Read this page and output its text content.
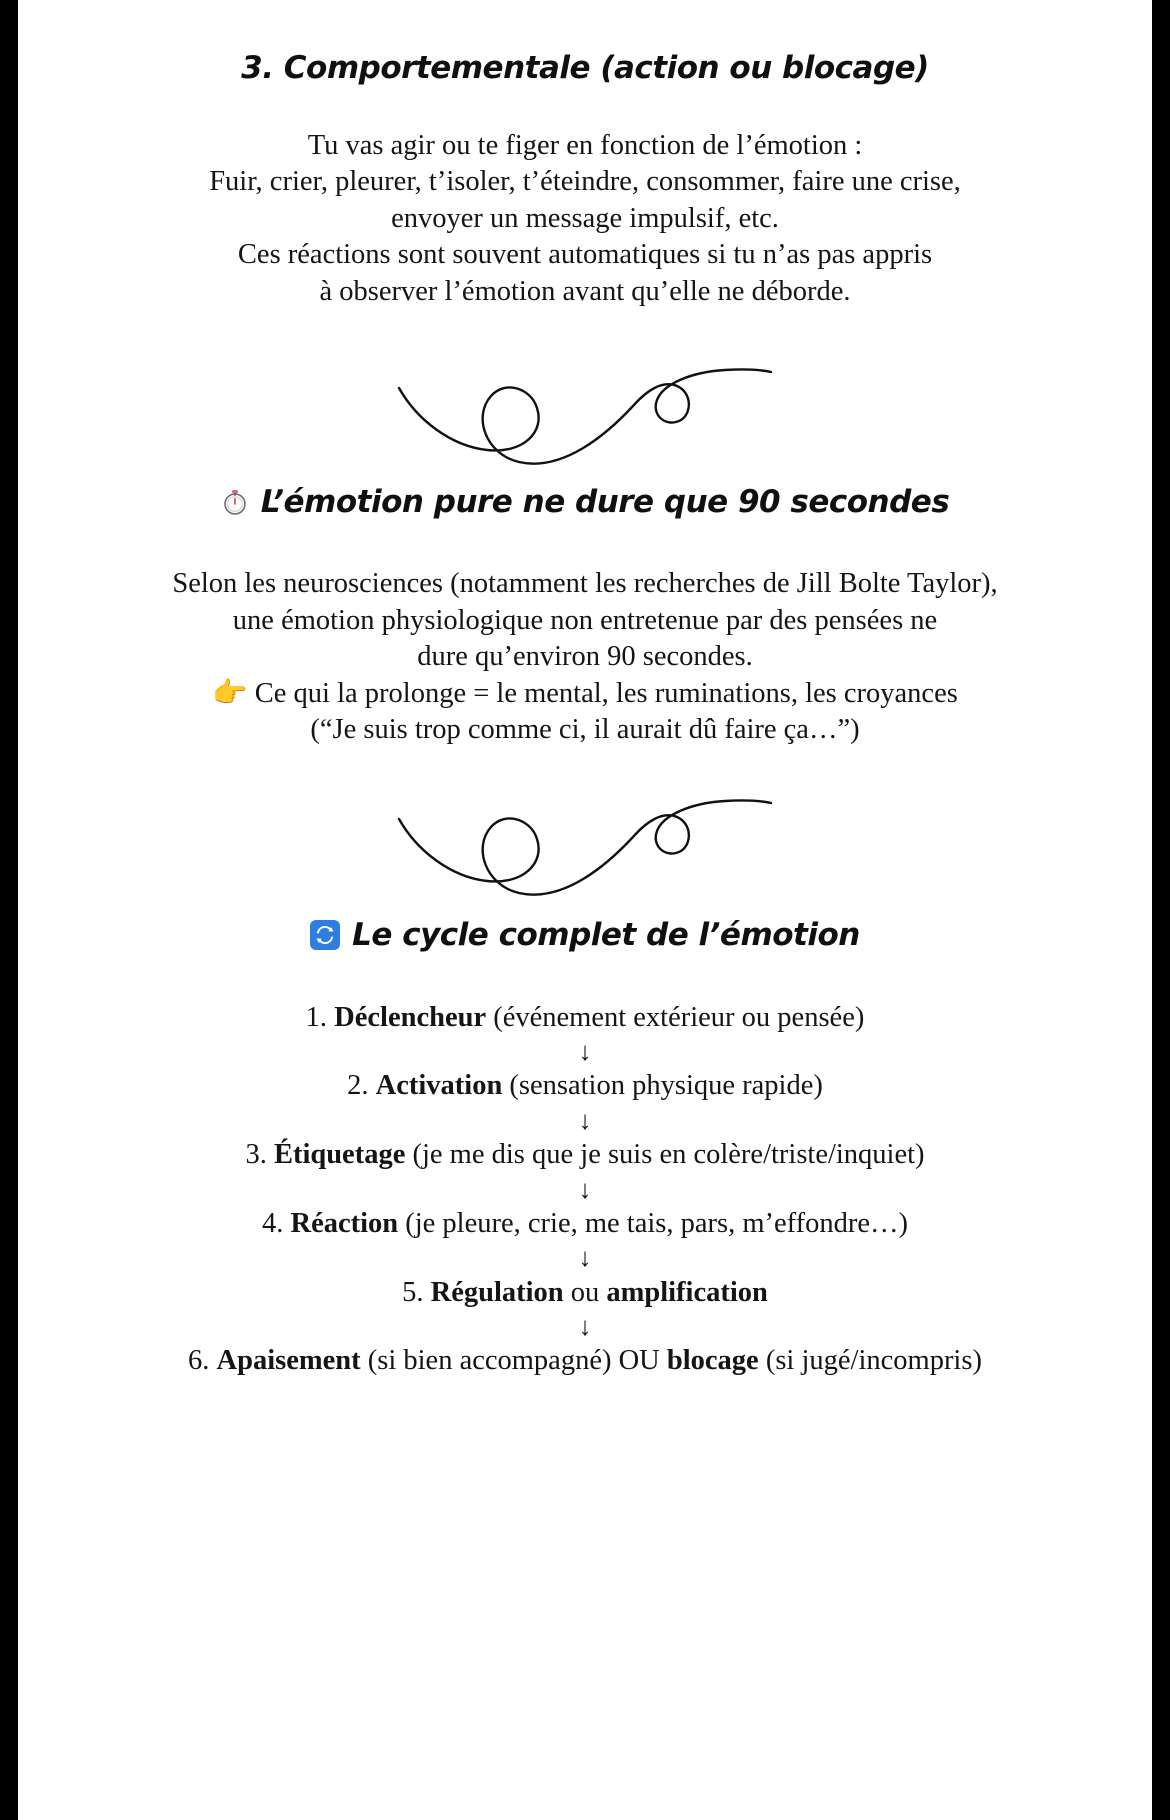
3. Comportementale (action ou blocage)

Tu vas agir ou te figer en fonction de l’émotion :

Fuir, crier, pleurer, t’isoler, t’éteindre, consommer, faire une crise,

envoyer un message impulsif, etc.

Ces réactions sont souvent automatiques si tu n’as pas appris

à observer l’émotion avant qu’elle ne déborde.

L’émotion pure ne dure que 90 secondes

Selon les neurosciences (notamment les recherches de Jill Bolte Taylor),

une émotion physiologique non entretenue par des pensées ne

dure qu’environ 90 secondes.

👉 Ce qui la prolonge = le mental, les ruminations, les croyances

(“Je suis trop comme ci, il aurait dû faire ça…”)

Le cycle complet de l’émotion

1. Déclencheur (événement extérieur ou pensée)

↓

2. Activation (sensation physique rapide)

↓

3. Étiquetage (je me dis que je suis en colère/triste/inquiet)

↓

4. Réaction (je pleure, crie, me tais, pars, m’effondre…)

↓

5. Régulation ou amplification

↓

6. Apaisement (si bien accompagné) OU blocage (si jugé/incompris)
